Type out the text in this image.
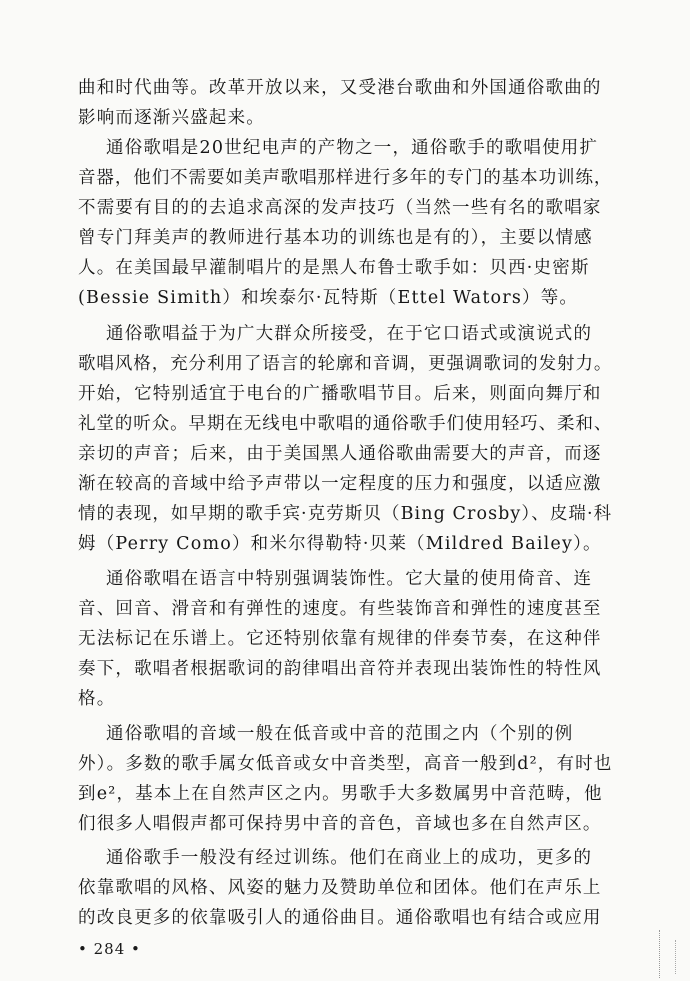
曲和时代曲等。改革开放以来，又受港台歌曲和外国通俗歌曲的
影响而逐渐兴盛起来。
通俗歌唱是20世纪电声的产物之一，通俗歌手的歌唱使用扩
音器，他们不需要如美声歌唱那样进行多年的专门的基本功训练，
不需要有目的的去追求高深的发声技巧（当然一些有名的歌唱家
曾专门拜美声的教师进行基本功的训练也是有的），主要以情感
人。在美国最早灌制唱片的是黑人布鲁士歌手如：贝西·史密斯
(Bessie Simith）和埃泰尔·瓦特斯（Ettel Wators）等。
通俗歌唱益于为广大群众所接受，在于它口语式或演说式的
歌唱风格，充分利用了语言的轮廓和音调，更强调歌词的发射力。
开始，它特别适宜于电台的广播歌唱节目。后来，则面向舞厅和
礼堂的听众。早期在无线电中歌唱的通俗歌手们使用轻巧、柔和、
亲切的声音；后来，由于美国黑人通俗歌曲需要大的声音，而逐
渐在较高的音域中给予声带以一定程度的压力和强度，以适应激
情的表现，如早期的歌手宾·克劳斯贝（Bing Crosby）、皮瑞·科
姆（Perry Como）和米尔得勒特·贝莱（Mildred Bailey）。
通俗歌唱在语言中特别强调装饰性。它大量的使用倚音、连
音、回音、滑音和有弹性的速度。有些装饰音和弹性的速度甚至
无法标记在乐谱上。它还特别依靠有规律的伴奏节奏，在这种伴
奏下，歌唱者根据歌词的韵律唱出音符并表现出装饰性的特性风
格。
通俗歌唱的音域一般在低音或中音的范围之内（个别的例
外）。多数的歌手属女低音或女中音类型，高音一般到d²，有时也
到e²，基本上在自然声区之内。男歌手大多数属男中音范畴，他
们很多人唱假声都可保持男中音的音色，音域也多在自然声区。
通俗歌手一般没有经过训练。他们在商业上的成功，更多的
依靠歌唱的风格、风姿的魅力及赞助单位和团体。他们在声乐上
的改良更多的依靠吸引人的通俗曲目。通俗歌唱也有结合或应用
• 284 •
